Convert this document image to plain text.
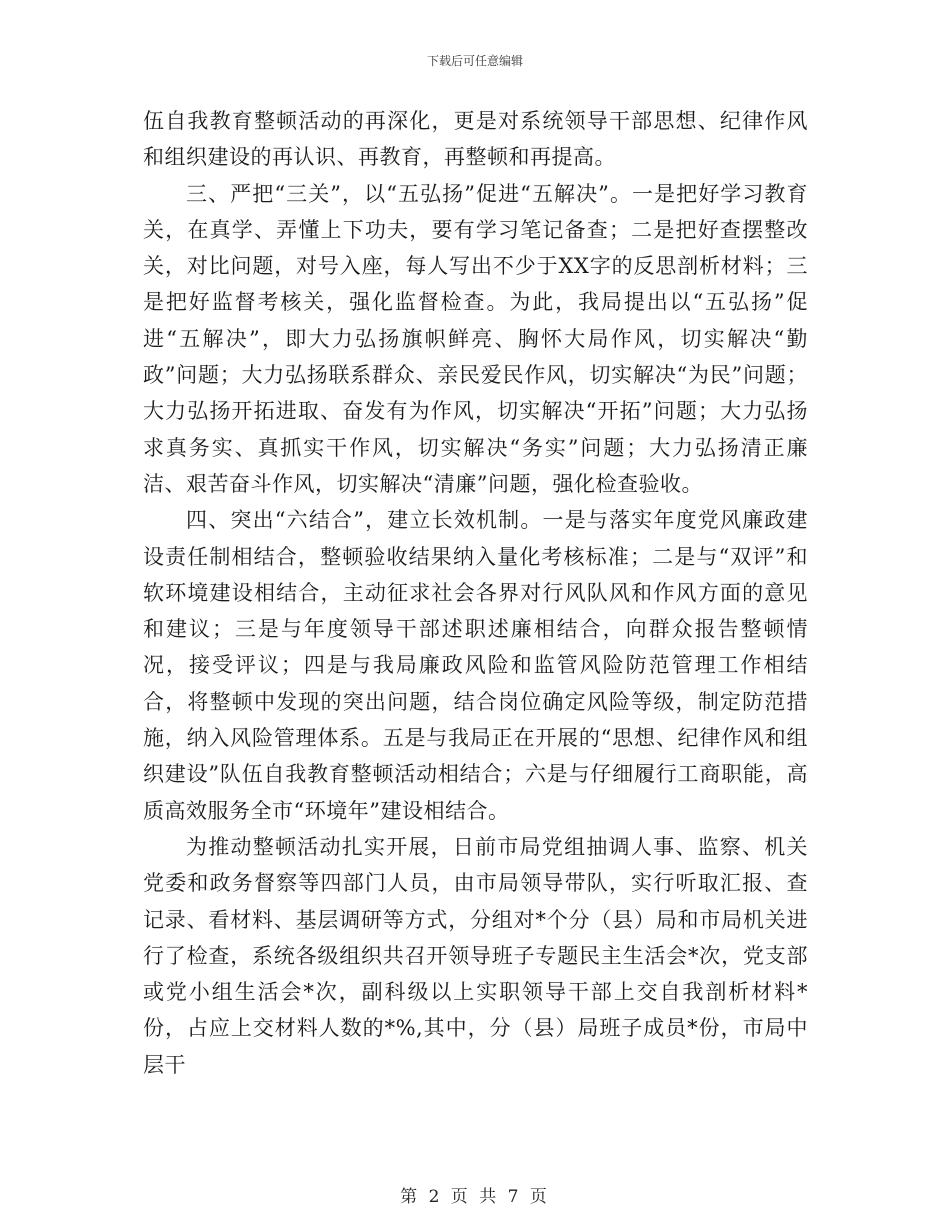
下载后可任意编辑

伍自我教育整顿活动的再深化，更是对系统领导干部思想、纪律作风和组织建设的再认识、再教育，再整顿和再提高。

三、严把“三关”，以“五弘扬”促进“五解决”。一是把好学习教育关，在真学、弄懂上下功夫，要有学习笔记备查；二是把好查摆整改关，对比问题，对号入座，每人写出不少于XX字的反思剖析材料；三是把好监督考核关，强化监督检查。为此，我局提出以“五弘扬”促进“五解决”，即大力弘扬旗帜鲜亮、胸怀大局作风，切实解决“勤政”问题；大力弘扬联系群众、亲民爱民作风，切实解决“为民”问题；大力弘扬开拓进取、奋发有为作风，切实解决“开拓”问题；大力弘扬求真务实、真抓实干作风，切实解决“务实”问题；大力弘扬清正廉洁、艰苦奋斗作风，切实解决“清廉”问题，强化检查验收。

四、突出“六结合”，建立长效机制。一是与落实年度党风廉政建设责任制相结合，整顿验收结果纳入量化考核标准；二是与“双评”和软环境建设相结合，主动征求社会各界对行风队风和作风方面的意见和建议；三是与年度领导干部述职述廉相结合，向群众报告整顿情况，接受评议；四是与我局廉政风险和监管风险防范管理工作相结合，将整顿中发现的突出问题，结合岗位确定风险等级，制定防范措施，纳入风险管理体系。五是与我局正在开展的“思想、纪律作风和组织建设”队伍自我教育整顿活动相结合；六是与仔细履行工商职能，高质高效服务全市“环境年”建设相结合。

为推动整顿活动扎实开展，日前市局党组抽调人事、监察、机关党委和政务督察等四部门人员，由市局领导带队，实行听取汇报、查记录、看材料、基层调研等方式，分组对*个分（县）局和市局机关进行了检查，系统各级组织共召开领导班子专题民主生活会*次，党支部或党小组生活会*次，副科级以上实职领导干部上交自我剖析材料*份，占应上交材料人数的*%,其中，分（县）局班子成员*份，市局中层干

第 2 页 共 7 页
